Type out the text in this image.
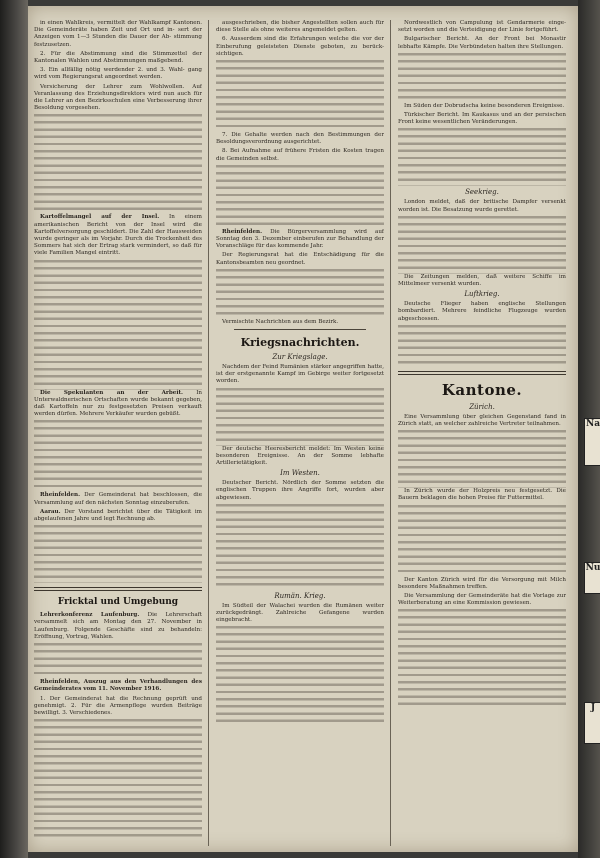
Na
Nu
J

in einen Wahlkreis, vermittelt der Wahlkampf Kantonen. Die Gemeinderäte haben Zeit und Ort und in- sert der Anzeigen vom 1—3 Stunden die Dauer der Ab- stimmung festzusetzen.

2. Für die Abstimmung sind die Stimmzettel der Kantonalen Wahlen und Abstimmungen maßgebend.

3. Ein allfällig nötig werdender 2. und 3. Wahl- gang wird vom Regierungsrat angeordnet werden.

Versicherung der Lehrer zum Wohlwollen. Auf Veranlassung des Erziehungsdirektors wird nun auch für die Lehrer an den Bezirksschulen eine Verbesserung ihrer Besoldung vorgesehen.

Kartoffelmangel auf der Insel. In einem amerikanischen Bericht von der Insel wird die Kartoffelversorgung geschildert. Die Zahl der Hausweiden wurde geringer als im Vorjahr. Durch die Trockenheit des Sommers hat sich der Ertrag stark vermindert, so daß für viele Familien Mangel eintritt.

Die Spekulanten an der Arbeit. In Unterwaldnerischen Ortschaften wurde bekannt gegeben, daß Kartoffeln nur zu festgesetzten Preisen verkauft werden dürfen. Mehrere Verkäufer wurden gebüßt.

Rheinfelden. Der Gemeinderat hat beschlossen, die Versammlung auf den nächsten Sonntag einzuberufen.

Aarau. Der Vorstand berichtet über die Tätigkeit im abgelaufenen Jahre und legt Rechnung ab.

Fricktal und Umgebung

Lehrerkonferenz Laufenburg. Die Lehrerschaft versammelt sich am Montag den 27. November in Laufenburg. Folgende Geschäfte sind zu behandeln: Eröffnung, Vortrag, Wahlen.

Rheinfelden, Auszug aus den Verhandlungen des Gemeinderates vom 11. November 1916.

1. Der Gemeinderat hat die Rechnung geprüft und genehmigt. 2. Für die Armenpflege wurden Beiträge bewilligt. 3. Verschiedenes.

ausgeschrieben, die bisher Angestellten sollen auch für diese Stelle als ohne weiteres angemeldet gelten.

6. Ausserdem sind die Erfahrungen welche die vor der Einberufung geleisteten Dienste geboten, zu berück- sichtigen.

7. Die Gehalte werden nach den Bestimmungen der Besoldungsverordnung ausgerichtet.

8. Bei Aufnahme auf frühere Fristen die Kosten tragen die Gemeinden selbst.

Rheinfelden. Die Bürgerversammlung wird auf Sonntag den 3. Dezember einberufen zur Behandlung der Voranschläge für das kommende Jahr.

Der Regierungsrat hat die Entschädigung für die Kantonsbeamten neu geordnet.

Vermischte Nachrichten aus dem Bezirk.

Kriegsnachrichten.
Zur Kriegslage.

Nachdem der Feind Rumänien stärker angegriffen hatte, ist der erstgenannte Kampf im Gebirge weiter fortgesetzt worden.

Der deutsche Heeresbericht meldet: Im Westen keine besonderen Ereignisse. An der Somme lebhafte Artillerietätigkeit.

Im Westen.

Deutscher Bericht. Nördlich der Somme setzten die englischen Truppen ihre Angriffe fort, wurden aber abgewiesen.

Rumän. Krieg.

Im Südteil der Walachei wurden die Rumänen weiter zurückgedrängt. Zahlreiche Gefangene wurden eingebracht.

Nordwestlich von Campulung ist Gendarmerie einge- setzt worden und die Verteidigung der Linie fortgeführt.

Bulgarischer Bericht. An der Front bei Monastir lebhafte Kämpfe. Die Verbündeten halten ihre Stellungen.

Im Süden der Dobrudscha keine besonderen Ereignisse.

Türkischer Bericht. Im Kaukasus und an der persischen Front keine wesentlichen Veränderungen.

Seekrieg.

London meldet, daß der britische Dampfer versenkt worden ist. Die Besatzung wurde gerettet.

Die Zeitungen melden, daß weitere Schiffe im Mittelmeer versenkt wurden.

Luftkrieg.

Deutsche Flieger haben englische Stellungen bombardiert. Mehrere feindliche Flugzeuge wurden abgeschossen.

Kantone.
Zürich.

Eine Versammlung über gleichen Gegenstand fand in Zürich statt, an welcher zahlreiche Vertreter teilnahmen.

In Zürich wurde der Holzpreis neu festgesetzt. Die Bauern beklagen die hohen Preise für Futtermittel.

Der Kanton Zürich wird für die Versorgung mit Milch besondere Maßnahmen treffen.

Die Versammlung der Gemeinderäte hat die Vorlage zur Weiterberatung an eine Kommission gewiesen.
